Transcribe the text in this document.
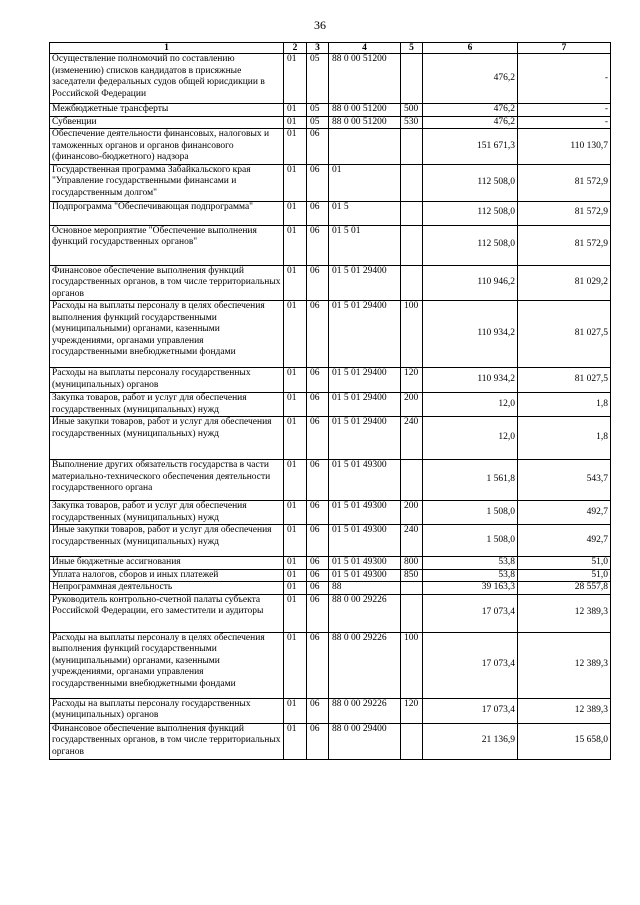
36
1	2	3	4	5	6	7
Осуществление полномочий по составлению (изменению) списков кандидатов в присяжные заседатели федеральных судов общей юрисдикции в Российской Федерации	01	05	88 0 00 51200		476,2	-
Межбюджетные трансферты	01	05	88 0 00 51200	500	476,2	-
Субвенции	01	05	88 0 00 51200	530	476,2	-
Обеспечение деятельности финансовых, налоговых и таможенных органов и органов финансового (финансово-бюджетного) надзора	01	06			151 671,3	110 130,7
Государственная программа Забайкальского края "Управление государственными финансами и государственным долгом"	01	06	01		112 508,0	81 572,9
Подпрограмма "Обеспечивающая подпрограмма"	01	06	01 5		112 508,0	81 572,9
Основное мероприятие "Обеспечение выполнения функций государственных органов"	01	06	01 5 01		112 508,0	81 572,9
Финансовое обеспечение выполнения функций государственных органов, в том числе территориальных органов	01	06	01 5 01 29400		110 946,2	81 029,2
Расходы на выплаты персоналу в целях обеспечения выполнения функций государственными (муниципальными) органами, казенными учреждениями, органами управления государственными внебюджетными фондами	01	06	01 5 01 29400	100	110 934,2	81 027,5
Расходы на выплаты персоналу государственных (муниципальных) органов	01	06	01 5 01 29400	120	110 934,2	81 027,5
Закупка товаров, работ и услуг для обеспечения государственных (муниципальных) нужд	01	06	01 5 01 29400	200	12,0	1,8
Иные закупки товаров, работ и услуг для обеспечения государственных (муниципальных) нужд	01	06	01 5 01 29400	240	12,0	1,8
Выполнение других обязательств государства в части материально-технического обеспечения деятельности государственного органа	01	06	01 5 01 49300		1 561,8	543,7
Закупка товаров, работ и услуг для обеспечения государственных (муниципальных) нужд	01	06	01 5 01 49300	200	1 508,0	492,7
Иные закупки товаров, работ и услуг для обеспечения государственных (муниципальных) нужд	01	06	01 5 01 49300	240	1 508,0	492,7
Иные бюджетные ассигнования	01	06	01 5 01 49300	800	53,8	51,0
Уплата налогов, сборов и иных платежей	01	06	01 5 01 49300	850	53,8	51,0
Непрограммная деятельность	01	06	88		39 163,3	28 557,8
Руководитель контрольно-счетной палаты субъекта Российской Федерации, его заместители и аудиторы	01	06	88 0 00 29226		17 073,4	12 389,3
Расходы на выплаты персоналу в целях обеспечения выполнения функций государственными (муниципальными) органами, казенными учреждениями, органами управления государственными внебюджетными фондами	01	06	88 0 00 29226	100	17 073,4	12 389,3
Расходы на выплаты персоналу государственных (муниципальных) органов	01	06	88 0 00 29226	120	17 073,4	12 389,3
Финансовое обеспечение выполнения функций государственных органов, в том числе территориальных органов	01	06	88 0 00 29400		21 136,9	15 658,0
